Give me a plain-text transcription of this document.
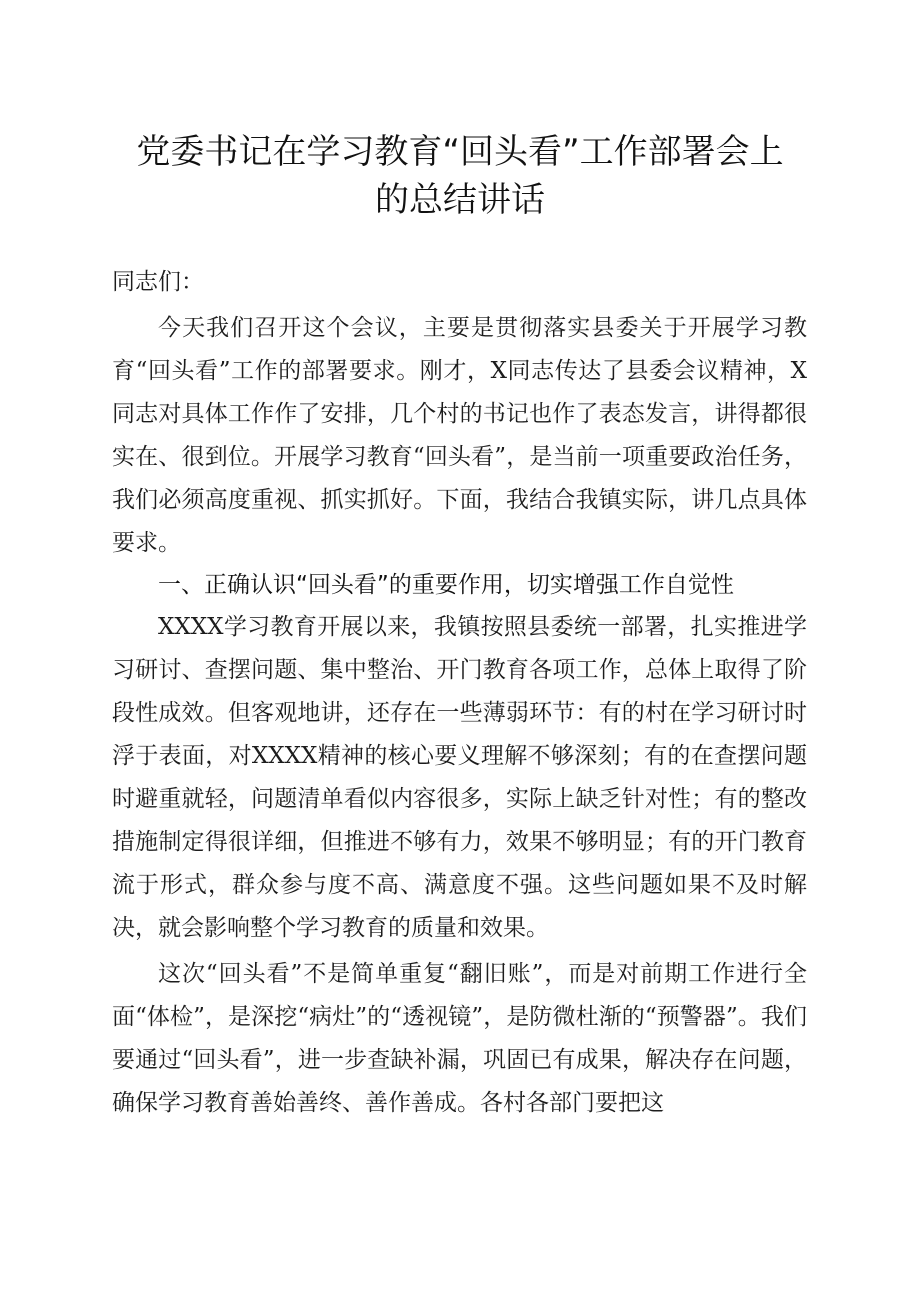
党委书记在学习教育“回头看”工作部署会上
的总结讲话
同志们：

今天我们召开这个会议，主要是贯彻落实县委关于开展学习教育“回头看”工作的部署要求。刚才，X同志传达了县委会议精神，X同志对具体工作作了安排，几个村的书记也作了表态发言，讲得都很实在、很到位。开展学习教育“回头看”，是当前一项重要政治任务，我们必须高度重视、抓实抓好。下面，我结合我镇实际，讲几点具体要求。

一、正确认识“回头看”的重要作用，切实增强工作自觉性

XXXX学习教育开展以来，我镇按照县委统一部署，扎实推进学习研讨、查摆问题、集中整治、开门教育各项工作，总体上取得了阶段性成效。但客观地讲，还存在一些薄弱环节：有的村在学习研讨时浮于表面，对XXXX精神的核心要义理解不够深刻；有的在查摆问题时避重就轻，问题清单看似内容很多，实际上缺乏针对性；有的整改措施制定得很详细，但推进不够有力，效果不够明显；有的开门教育流于形式，群众参与度不高、满意度不强。这些问题如果不及时解决，就会影响整个学习教育的质量和效果。

这次“回头看”不是简单重复“翻旧账”，而是对前期工作进行全面“体检”，是深挖“病灶”的“透视镜”，是防微杜渐的“预警器”。我们要通过“回头看”，进一步查缺补漏，巩固已有成果，解决存在问题，确保学习教育善始善终、善作善成。各村各部门要把这
